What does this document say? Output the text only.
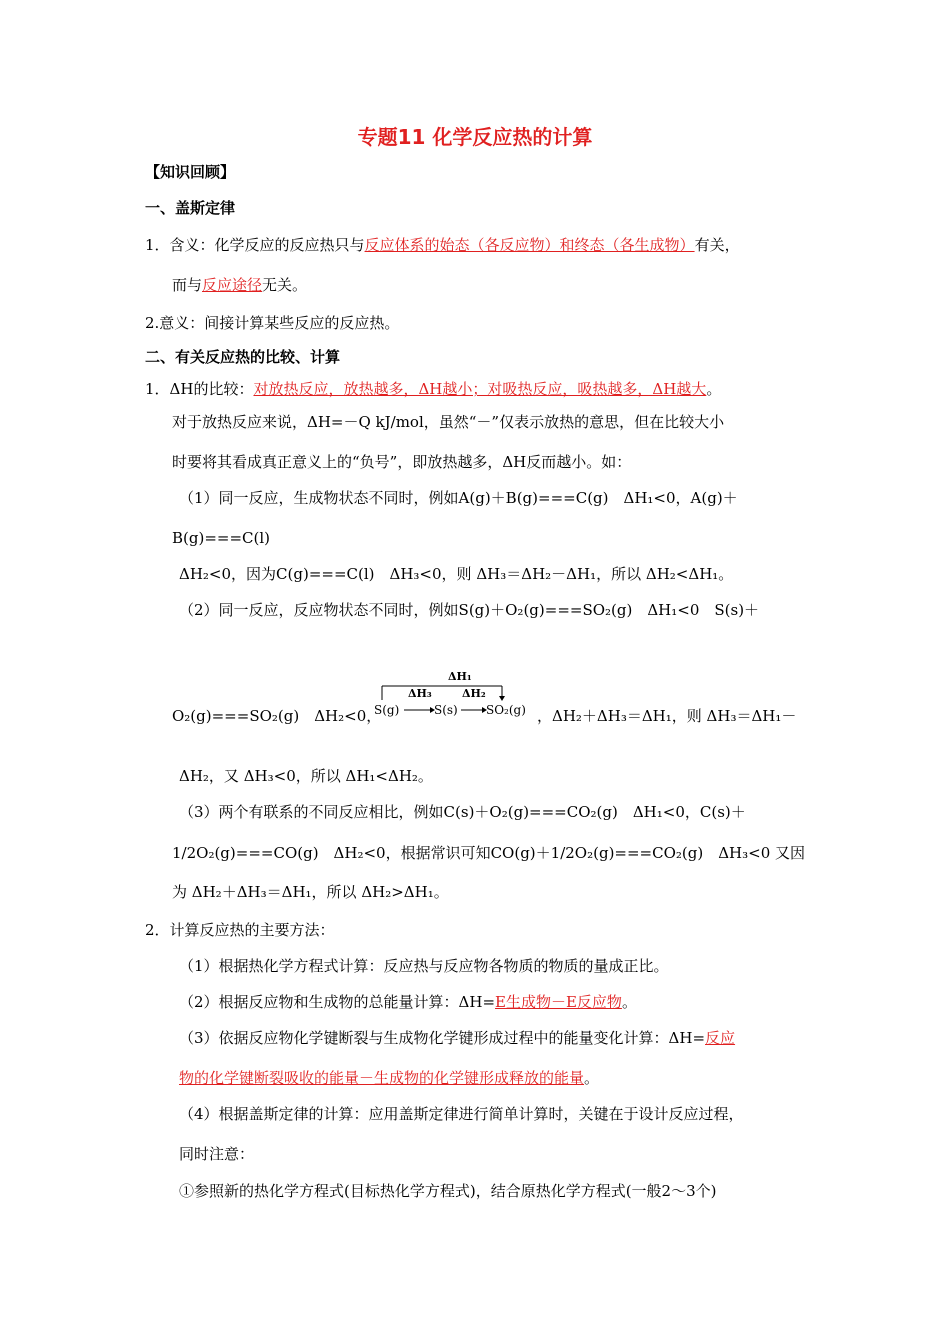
专题11 化学反应热的计算
【知识回顾】
一、盖斯定律
1．含义：化学反应的反应热只与反应体系的始态（各反应物）和终态（各生成物）有关，
而与反应途径无关。
2.意义：间接计算某些反应的反应热。
二、有关反应热的比较、计算
1．ΔH的比较：对放热反应，放热越多，ΔH越小；对吸热反应，吸热越多，ΔH越大。
对于放热反应来说，ΔH=－Q kJ/mol，虽然“－”仅表示放热的意思，但在比较大小
时要将其看成真正意义上的“负号”，即放热越多，ΔH反而越小。如：
（1）同一反应，生成物状态不同时，例如A(g)＋B(g)===C(g)　ΔH₁<0，A(g)＋
B(g)===C(l)
ΔH₂<0，因为C(g)===C(l)　ΔH₃<0，则 ΔH₃＝ΔH₂－ΔH₁，所以 ΔH₂<ΔH₁。
（2）同一反应，反应物状态不同时，例如S(g)＋O₂(g)===SO₂(g)　ΔH₁<0　S(s)＋
O₂(g)===SO₂(g)　ΔH₂<0，
ΔH₁
ΔH₃	ΔH₂
S(g)	S(s) SO₂(g) ，ΔH₂＋ΔH₃＝ΔH₁，则 ΔH₃＝ΔH₁－
ΔH₂，又 ΔH₃<0，所以 ΔH₁<ΔH₂。
（3）两个有联系的不同反应相比，例如C(s)＋O₂(g)===CO₂(g)　ΔH₁<0，C(s)＋
1/2O₂(g)===CO(g)　ΔH₂<0，根据常识可知CO(g)＋1/2O₂(g)===CO₂(g)　ΔH₃<0 又因
为 ΔH₂＋ΔH₃＝ΔH₁，所以 ΔH₂>ΔH₁。
2．计算反应热的主要方法：
（1）根据热化学方程式计算：反应热与反应物各物质的物质的量成正比。
（2）根据反应物和生成物的总能量计算：ΔH=E生成物－E反应物。
（3）依据反应物化学键断裂与生成物化学键形成过程中的能量变化计算：ΔH=反应
物的化学键断裂吸收的能量－生成物的化学键形成释放的能量。
（4）根据盖斯定律的计算：应用盖斯定律进行简单计算时，关键在于设计反应过程，
同时注意：
①参照新的热化学方程式(目标热化学方程式)，结合原热化学方程式(一般2～3个)
